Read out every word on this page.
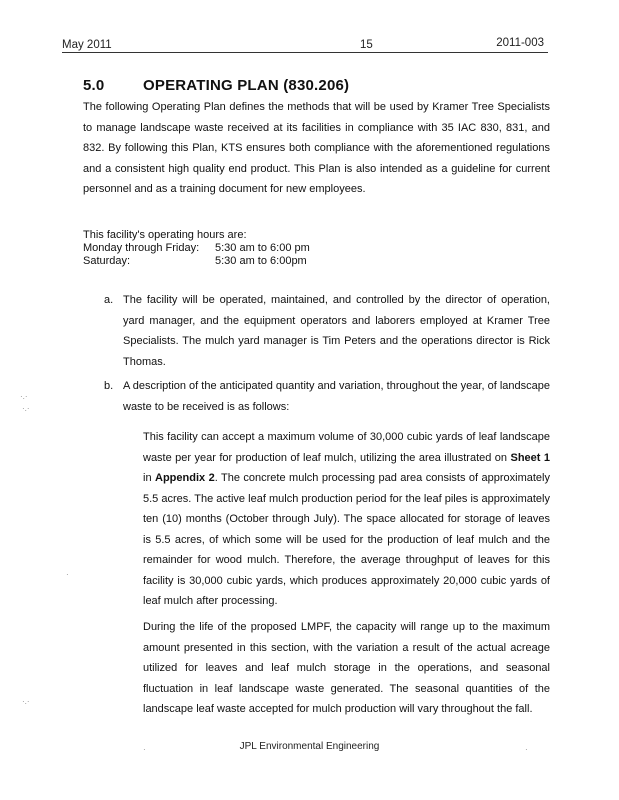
May 2011	15	2011-003
5.0	OPERATING PLAN (830.206)
The following Operating Plan defines the methods that will be used by Kramer Tree Specialists to manage landscape waste received at its facilities in compliance with 35 IAC 830, 831, and 832. By following this Plan, KTS ensures both compliance with the aforementioned regulations and a consistent high quality end product. This Plan is also intended as a guideline for current personnel and as a training document for new employees.
This facility's operating hours are:
Monday through Friday:	5:30 am to 6:00 pm
Saturday:	5:30 am to 6:00pm
a. The facility will be operated, maintained, and controlled by the director of operation, yard manager, and the equipment operators and laborers employed at Kramer Tree Specialists. The mulch yard manager is Tim Peters and the operations director is Rick Thomas.
b. A description of the anticipated quantity and variation, throughout the year, of landscape waste to be received is as follows:
This facility can accept a maximum volume of 30,000 cubic yards of leaf landscape waste per year for production of leaf mulch, utilizing the area illustrated on Sheet 1 in Appendix 2. The concrete mulch processing pad area consists of approximately 5.5 acres. The active leaf mulch production period for the leaf piles is approximately ten (10) months (October through July). The space allocated for storage of leaves is 5.5 acres, of which some will be used for the production of leaf mulch and the remainder for wood mulch. Therefore, the average throughput of leaves for this facility is 30,000 cubic yards, which produces approximately 20,000 cubic yards of leaf mulch after processing.
During the life of the proposed LMPF, the capacity will range up to the maximum amount presented in this section, with the variation a result of the actual acreage utilized for leaves and leaf mulch storage in the operations, and seasonal fluctuation in leaf landscape waste generated. The seasonal quantities of the landscape leaf waste accepted for mulch production will vary throughout the fall.
JPL Environmental Engineering
·.·
·.·
·
·.·
·	·
